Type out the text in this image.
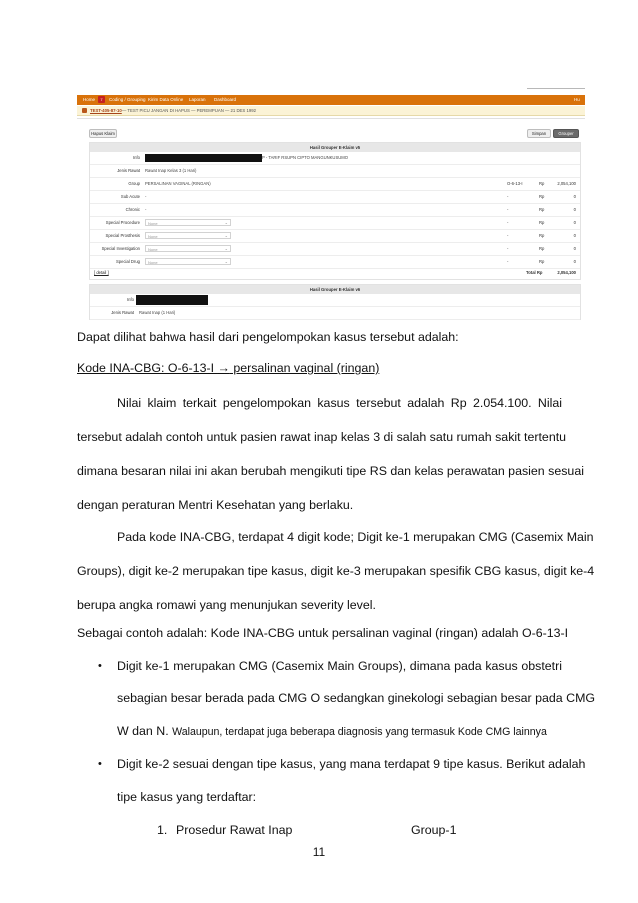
Home	7	Coding / Grouping Kirim Data Online Laporan Dashboard	Hu
TEST-405-87-10 — TEST PICU JANGAN DI HAPUS — PEREMPUAN — 21 DES 1992
Hapus Klaim	Simpan	Grouper
Hasil Grouper E-Klaim v5
Info	P - TARIF RSUPN CIPTO MANGUNKUSUMO
Jenis Rawat Rawat Inap Kelas 3 (1 Hari)
Group PERSALINAN VAGINAL (RINGAN)	O-6-13-I	Rp	2,054,100
Sub Acute -	-	Rp	0
Chronic -	-	Rp	0
Special Procedure	None ⌄	-	Rp	0
Special Prosthesis	None ⌄	-	Rp	0
Special Investigation	None ⌄	-	Rp	0
Special Drug	None ⌄	-	Rp	0
[ detail ]	Total Rp	2,054,100
Hasil Grouper E-Klaim v6
Info
Jenis Rawat Rawat Inap (1 Hari)
Dapat dilihat bahwa hasil dari pengelompokan kasus tersebut adalah:
Kode INA-CBG: O-6-13-I → persalinan vaginal (ringan)
Nilai klaim terkait pengelompokan kasus tersebut adalah Rp 2.054.100. Nilai
tersebut adalah contoh untuk pasien rawat inap kelas 3 di salah satu rumah sakit tertentu
dimana besaran nilai ini akan berubah mengikuti tipe RS dan kelas perawatan pasien sesuai
dengan peraturan Mentri Kesehatan yang berlaku.
Pada kode INA-CBG, terdapat 4 digit kode; Digit ke-1 merupakan CMG (Casemix Main
Groups), digit ke-2 merupakan tipe kasus, digit ke-3 merupakan spesifik CBG kasus, digit ke-4
berupa angka romawi yang menunjukan severity level.
Sebagai contoh adalah: Kode INA-CBG untuk persalinan vaginal (ringan) adalah O-6-13-I
• Digit ke-1 merupakan CMG (Casemix Main Groups), dimana pada kasus obstetri
sebagian besar berada pada CMG O sedangkan ginekologi sebagian besar pada CMG
W dan N. Walaupun, terdapat juga beberapa diagnosis yang termasuk Kode CMG lainnya
• Digit ke-2 sesuai dengan tipe kasus, yang mana terdapat 9 tipe kasus. Berikut adalah
tipe kasus yang terdaftar:
1. Prosedur Rawat Inap	Group-1
11
